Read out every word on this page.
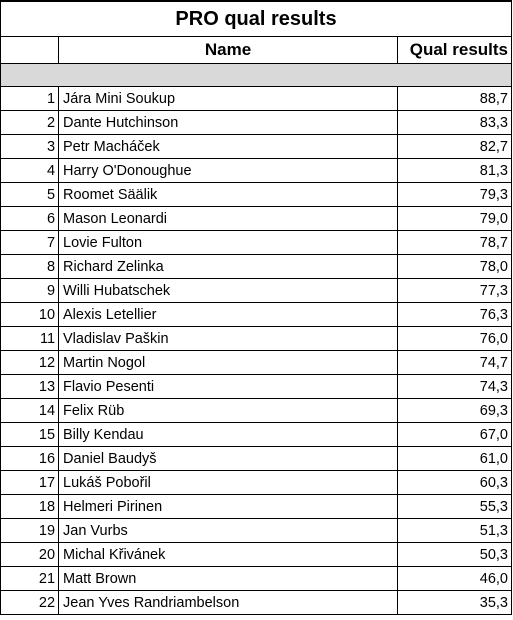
PRO qual results		
	Name	Qual results

1	Jára Mini Soukup	88,7
2	Dante Hutchinson	83,3
3	Petr Macháček	82,7
4	Harry O'Donoughue	81,3
5	Roomet Säälik	79,3
6	Mason Leonardi	79,0
7	Lovie Fulton	78,7
8	Richard Zelinka	78,0
9	Willi Hubatschek	77,3
10	Alexis Letellier	76,3
11	Vladislav Paškin	76,0
12	Martin Nogol	74,7
13	Flavio Pesenti	74,3
14	Felix Rüb	69,3
15	Billy Kendau	67,0
16	Daniel Baudyš	61,0
17	Lukáš Pobořil	60,3
18	Helmeri Pirinen	55,3
19	Jan Vurbs	51,3
20	Michal Křivánek	50,3
21	Matt Brown	46,0
22	Jean Yves Randriambelson	35,3
